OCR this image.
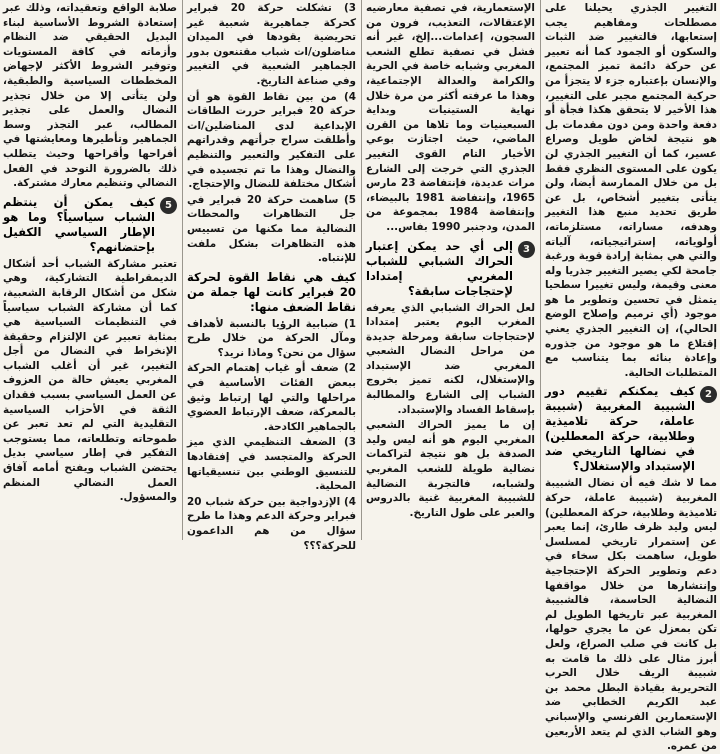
التغيير الجذري يحيلنا على مصطلحات ومفاهيم يجب إستعابها، فالتغيير ضد الثبات والسكون أو الجمود كما أنه تعبير عن حركة دائمة تميز المجتمع، والإنسان بإعتباره جزء لا يتجزأ من حركية المجتمع مجبر على التغيير، هذا الأخير لا يتحقق هكذا فجأة أو دفعة واحدة ومن دون مقدمات بل هو نتيجة لخاض طويل وصراع عسير، كما أن التغيير الجذري لن يكون على المستوى النظري فقط بل من خلال الممارسة أيضا، ولن يتأتى بتغيير أشخاص، بل عن طريق تحديد منبع هذا التغيير وهدفه، مساراته، مستلزماته، أولوياته، إستراتيجياته، آلياته والتي هي بمثابة إرادة قوية ورغبة جامحة لكي يصير التغيير جذريا وله معنى وقيمة، وليس تغييرا سطحيا يتمثل في تحسين وتطوير ما هو موجود (أي ترميم وإصلاح الوضع الحالي)، إن التغيير الجذري يعني إقتلاع ما هو موجود من جذوره وإعادة بنائه بما يتناسب مع المتطلبات الحالية.

2
كيف يمكنكم تقييم دور الشبيبة المغربية (شبيبة عاملة، حركة تلاميذية وطلابية، حركة المعطلين) في نضالها التاريخي ضد الإستبداد والإستغلال؟

مما لا شك فيه أن نضال الشبيبة المغربية (شبيبة عاملة، حركة تلاميذية وطلابية، حركة المعطلين) ليس وليد ظرف طارئ، إنما يعبر عن إستمرار تاريخي لمسلسل طويل، ساهمت بكل سخاء في دعم وتطوير الحركة الإحتجاجية وإنتشارها من خلال مواقفها النضالية الحاسمة، فالشبيبة المغربية عبر تاريخها الطويل لم تكن بمعزل عن ما يجري حولها، بل كانت في صلب الصراع، ولعل أبرز مثال على ذلك ما قامت به شبيبة الريف خلال الحرب التحريرية بقيادة البطل محمد بن عبد الكريم الخطابي ضد الإستعمارين الفرنسي والإسباني وهو الشاب الذي لم يتعد الأربعين من عمره.

الإستعمارية، في تصفية معارضيه الإعتقالات، التعذيب، فرون من السجون، إعدامات...إلخ، غير أنه فشل في تصفية تطلع الشعب المغربي وشبابه خاصة في الحرية والكرامة والعدالة الإجتماعية، وهذا ما عرفته أكثر من مرة خلال نهاية الستينيات وبداية السبعينيات وما تلاها من القرن الماضي، حيث اجتازت بوعي الأخيار التام القوى التغيير الجذري التي خرجت إلى الشارع مرات عديدة، فإنتفاضة 23 مارس 1965، وإنتفاضة 1981 بالبيضاء، وإنتفاضة 1984 بمجموعة من المدن، ودجنبر 1990 بفاس...

3
إلى أي حد يمكن إعتبار الحراك الشبابي للشباب المغربي إمتدادا لإحتجاجات سابقة؟

لعل الحراك الشبابي الذي يعرفه المغرب اليوم يعتبر إمتدادا لإحتجاجات سابقة ومرحلة جديدة من مراحل النضال الشعبي المغربي ضد الإستبداد والإستغلال، لكنه تميز بخروج الشباب إلى الشارع والمطالبة بإسقاط الفساد والإستبداد.

إن ما يميز الحراك الشعبي المغربي اليوم هو أنه ليس وليد الصدفة بل هو نتيجة لتراكمات نضالية طويلة للشعب المغربي ولشبابه، فالتجربة النضالية للشبيبة المغربية غنية بالدروس والعبر على طول التاريخ.

3) تشكلت حركة 20 فبراير كحركة جماهيرية شعبية غير تحريضية يقودها في الميدان مناضلون/ات شباب مقتنعون بدور الجماهير الشعبية في التغيير وفي صناعة التاريخ.

4) من بين نقاط القوة هو أن حركة 20 فبراير حررت الطاقات الإبداعية لدى المناضلين/ات وأطلقت سراح جرأتهم وقدراتهم على التفكير والتعبير والتنظيم والنضال وهذا ما تم تجسيده في أشكال مختلفة للنضال والإحتجاج.

5) ساهمت حركة 20 فبراير في جل التظاهرات والمحطات النضالية مما مكنها من تسييس هذه التظاهرات بشكل ملفت للإنتباه.

كيف هي نقاط القوة لحركة 20 فبراير كانت لها جملة من نقاط الضعف منها:

1) ضبابية الرؤيا بالنسبة لأهداف ومآل الحركة من خلال طرح سؤال من نحن؟ وماذا نريد؟

2) ضعف أو غياب إهتمام الحركة ببعض الفئات الأساسية في مراحلها والتي لها إرتباط وثيق بالمعركة، ضعف الإرتباط العضوي بالجماهير الكادحة.

3) الضعف التنظيمي الذي ميز الحركة والمتجسد في إفتقادها للتنسيق الوطني بين تنسيقياتها المحلية.

4) الإزدواجية بين حركة شباب 20 فبراير وحركة الدعم وهذا ما طرح سؤال من هم الداعمون للحركة؟؟؟

صلابة الواقع وتعقيداته، وذلك عبر إستعادة الشروط الأساسية لبناء البديل الحقيقي ضد النظام وأزماته في كافة المستويات وتوفير الشروط الأكثر لإجهاض المخططات السياسية والطبقية، ولن يتأتى إلا من خلال تجذير النضال والعمل على تجذير المطالب، عبر التجذر وسط الجماهير وتأطيرها ومعايشتها في أفراحها وأقراحها وحيث يتطلب ذلك بالضرورة التوحد في الفعل النضالي وتنظيم معارك مشتركة.

5
كيف يمكن أن ينتظم الشباب سياسياً؟ وما هو الإطار السياسي الكفيل بإحتضانهم؟

تعتبر مشاركة الشباب أحد أشكال الديمقراطية التشاركية، وهي شكل من أشكال الرقابة الشعبية، كما أن مشاركة الشباب سياسياً في التنظيمات السياسية هي بمثابة تعبير عن الإلتزام وحقيقة الإنخراط في النضال من أجل التغيير، غير أن أغلب الشباب المغربي يعيش حالة من العزوف عن العمل السياسي بسبب فقدان الثقة في الأحزاب السياسية التقليدية التي لم تعد تعبر عن طموحاته وتطلعاته، مما يستوجب التفكير في إطار سياسي بديل يحتضن الشباب ويفتح أمامه آفاق العمل النضالي المنظم والمسؤول.
